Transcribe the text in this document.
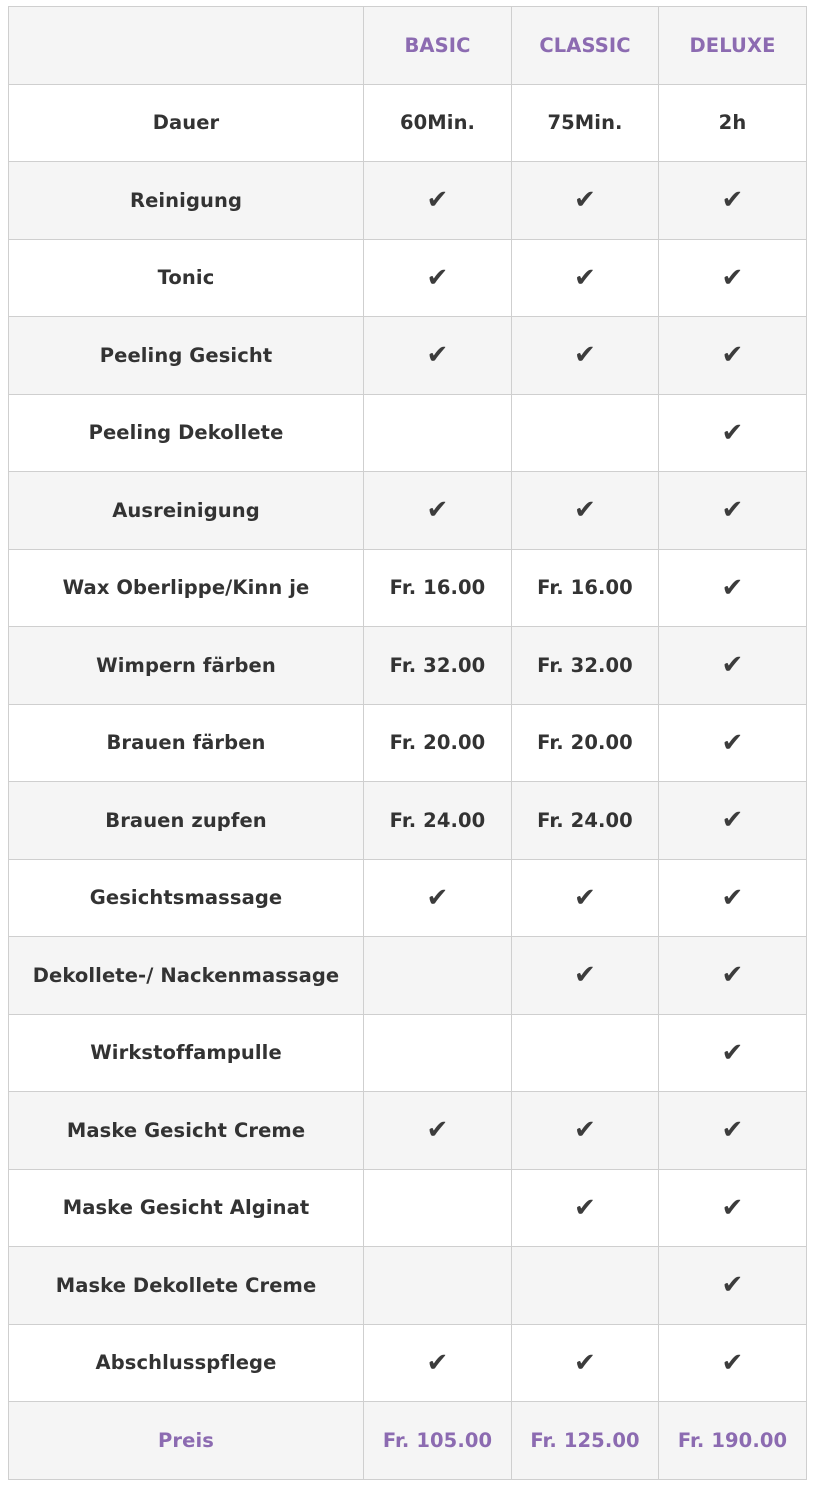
	BASIC	CLASSIC	DELUXE
Dauer	60Min.	75Min.	2h
Reinigung	✔	✔	✔
Tonic	✔	✔	✔
Peeling Gesicht	✔	✔	✔
Peeling Dekollete			✔
Ausreinigung	✔	✔	✔
Wax Oberlippe/Kinn je	Fr. 16.00	Fr. 16.00	✔
Wimpern färben	Fr. 32.00	Fr. 32.00	✔
Brauen färben	Fr. 20.00	Fr. 20.00	✔
Brauen zupfen	Fr. 24.00	Fr. 24.00	✔
Gesichtsmassage	✔	✔	✔
Dekollete-/ Nackenmassage		✔	✔
Wirkstoffampulle			✔
Maske Gesicht Creme	✔	✔	✔
Maske Gesicht Alginat		✔	✔
Maske Dekollete Creme			✔
Abschlusspflege	✔	✔	✔
Preis	Fr. 105.00	Fr. 125.00	Fr. 190.00
